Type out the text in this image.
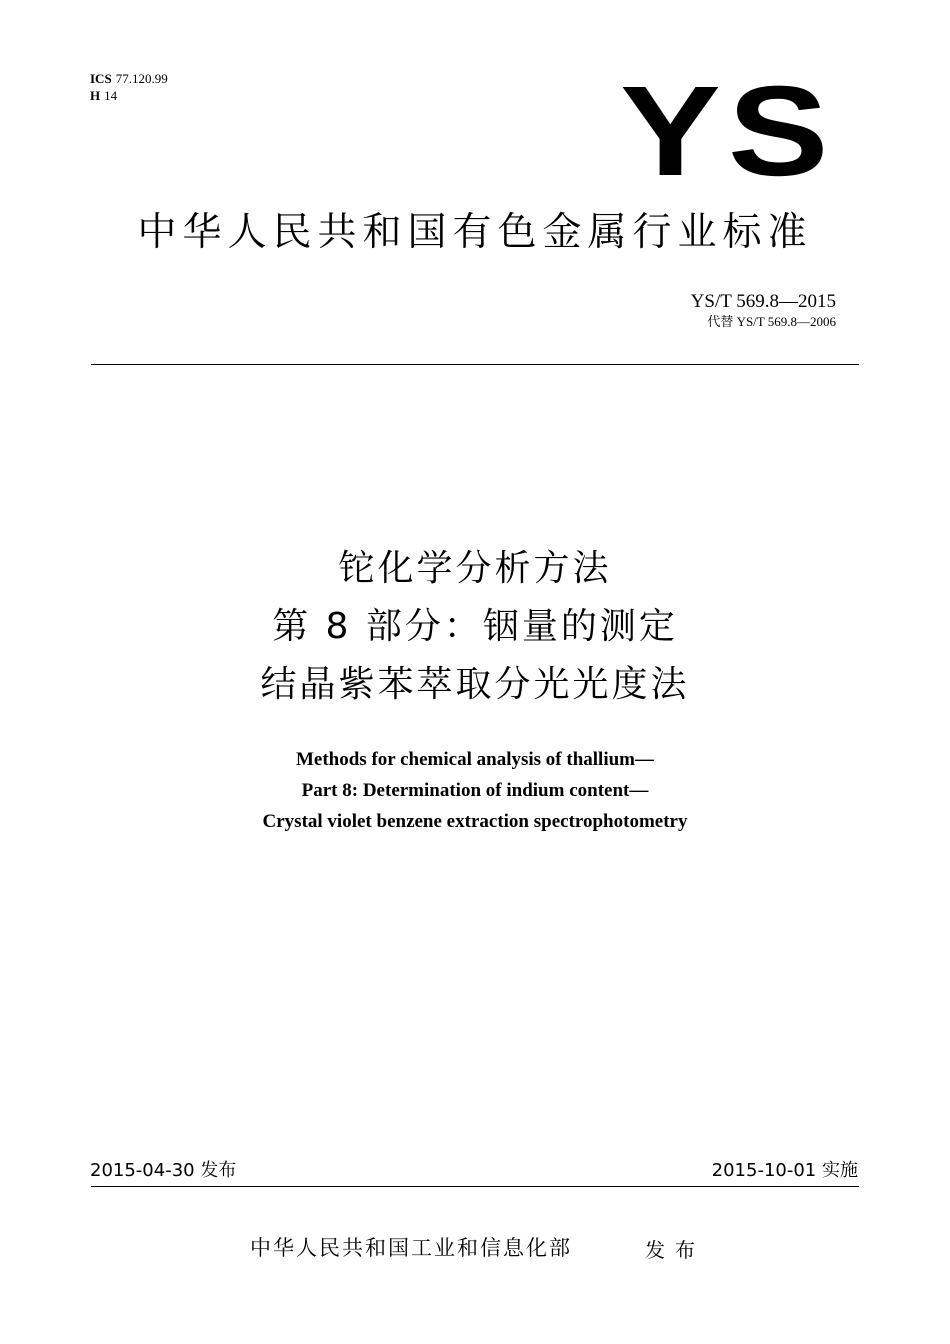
ICS 77.120.99
H 14	YS
中华人民共和国有色金属行业标准
YS/T 569.8—2015
代替 YS/T 569.8—2006
铊化学分析方法
第 8 部分：铟量的测定
结晶紫苯萃取分光光度法
Methods for chemical analysis of thallium—
Part 8: Determination of indium content—
Crystal violet benzene extraction spectrophotometry
2015-04-30 发布	2015-10-01 实施
中华人民共和国工业和信息化部	发布
